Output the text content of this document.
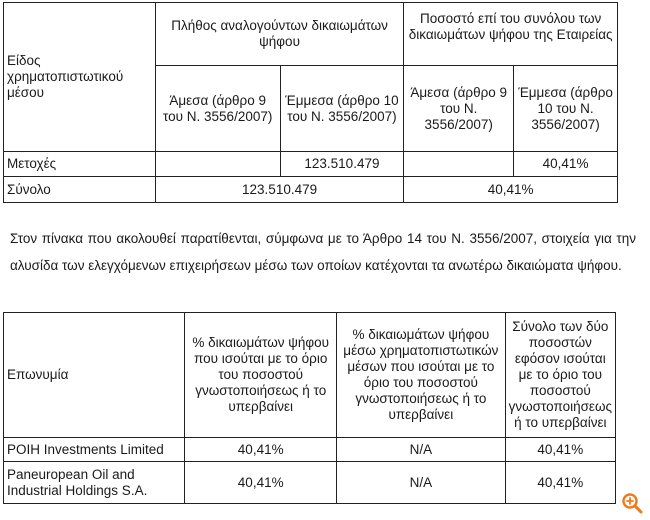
Είδος χρηματοπιστωτικού μέσου	Πλήθος αναλογούντων δικαιωμάτων ψήφου		Ποσοστό επί του συνόλου των δικαιωμάτων ψήφου της Εταιρείας	
	Άμεσα (άρθρο 9 του Ν. 3556/2007)	Έμμεσα (άρθρο 10 του Ν. 3556/2007)	Άμεσα (άρθρο 9 του Ν. 3556/2007)	Έμμεσα (άρθρο 10 του Ν. 3556/2007)
Μετοχές		123.510.479		40,41%
Σύνολο	123.510.479		40,41%	

Στον πίνακα που ακολουθεί παρατίθενται, σύμφωνα με το Άρθρο 14 του Ν. 3556/2007, στοιχεία για την αλυσίδα των ελεγχόμενων επιχειρήσεων μέσω των οποίων κατέχονται τα ανωτέρω δικαιώματα ψήφου.

Επωνυμία	% δικαιωμάτων ψήφου που ισούται με το όριο του ποσοστού γνωστοποιήσεως ή το υπερβαίνει	% δικαιωμάτων ψήφου μέσω χρηματοπιστωτικών μέσων που ισούται με το όριο του ποσοστού γνωστοποιήσεως ή το υπερβαίνει	Σύνολο των δύο ποσοστών εφόσον ισούται με το όριο του ποσοστού γνωστοποιήσεως ή το υπερβαίνει
POIH Investments Limited	40,41%	N/A	40,41%
Paneuropean Oil and Industrial Holdings S.A.	40,41%	N/A	40,41%
